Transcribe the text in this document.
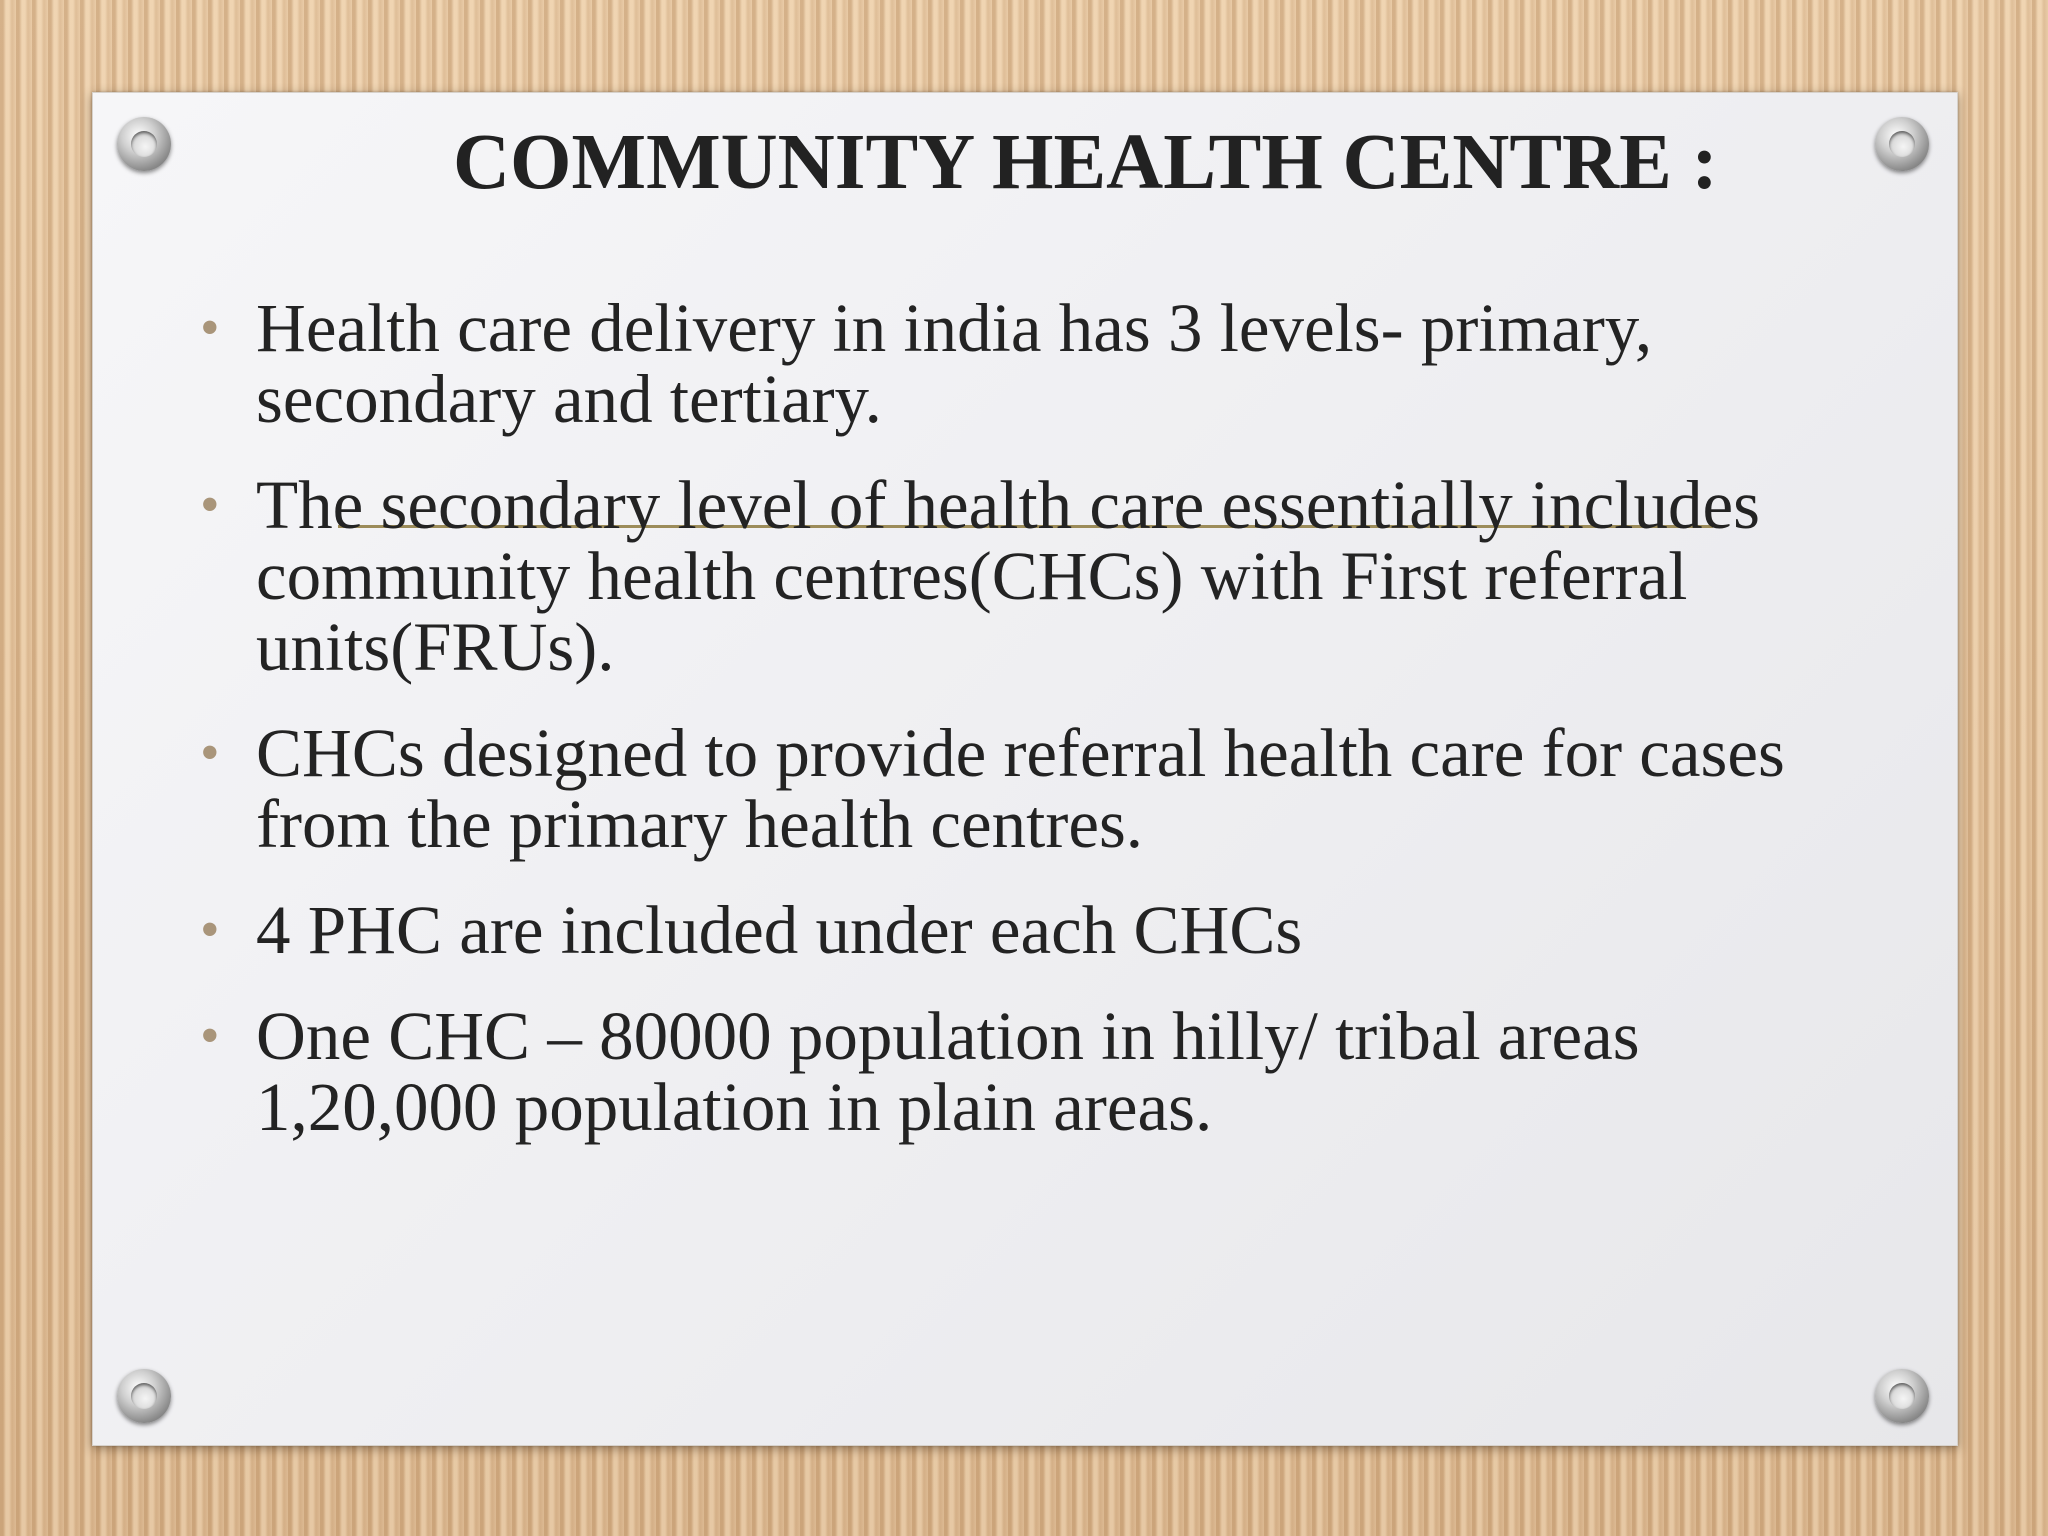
COMMUNITY HEALTH CENTRE :
• Health care delivery in india has 3 levels- primary,
secondary and tertiary.
• The secondary level of health care essentially includes
community health centres(CHCs) with First referral
units(FRUs).
• CHCs designed to provide referral health care for cases
from the primary health centres.
• 4 PHC are included under each CHCs
• One CHC – 80000 population in hilly/ tribal areas
1,20,000 population in plain areas.
